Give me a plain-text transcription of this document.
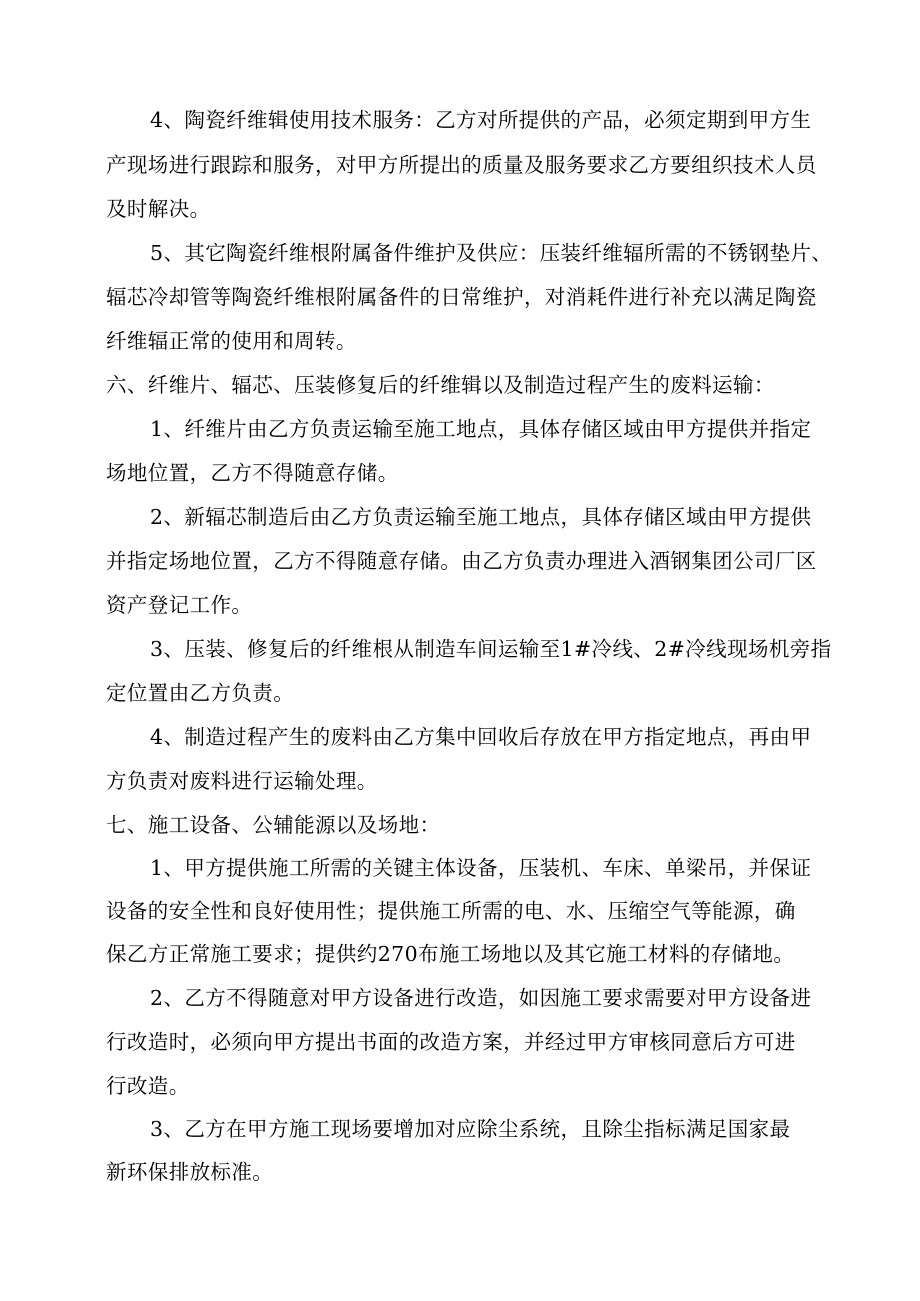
4、陶瓷纤维辑使用技术服务：乙方对所提供的产品，必须定期到甲方生
产现场进行跟踪和服务，对甲方所提出的质量及服务要求乙方要组织技术人员
及时解决。
5、其它陶瓷纤维根附属备件维护及供应：压装纤维辐所需的不锈钢垫片、
辐芯冷却管等陶瓷纤维根附属备件的日常维护，对消耗件进行补充以满足陶瓷
纤维辐正常的使用和周转。
六、纤维片、辐芯、压装修复后的纤维辑以及制造过程产生的废料运输：
1、纤维片由乙方负责运输至施工地点，具体存储区域由甲方提供并指定
场地位置，乙方不得随意存储。
2、新辐芯制造后由乙方负责运输至施工地点，具体存储区域由甲方提供
并指定场地位置，乙方不得随意存储。由乙方负责办理进入酒钢集团公司厂区
资产登记工作。
3、压装、修复后的纤维根从制造车间运输至1#冷线、2#冷线现场机旁指
定位置由乙方负责。
4、制造过程产生的废料由乙方集中回收后存放在甲方指定地点，再由甲
方负责对废料进行运输处理。
七、施工设备、公辅能源以及场地：
1、甲方提供施工所需的关键主体设备，压装机、车床、单梁吊，并保证
设备的安全性和良好使用性；提供施工所需的电、水、压缩空气等能源，确
保乙方正常施工要求；提供约270布施工场地以及其它施工材料的存储地。
2、乙方不得随意对甲方设备进行改造，如因施工要求需要对甲方设备进
行改造时，必须向甲方提出书面的改造方案，并经过甲方审核同意后方可进
行改造。
3、乙方在甲方施工现场要增加对应除尘系统，且除尘指标满足国家最
新环保排放标准。
